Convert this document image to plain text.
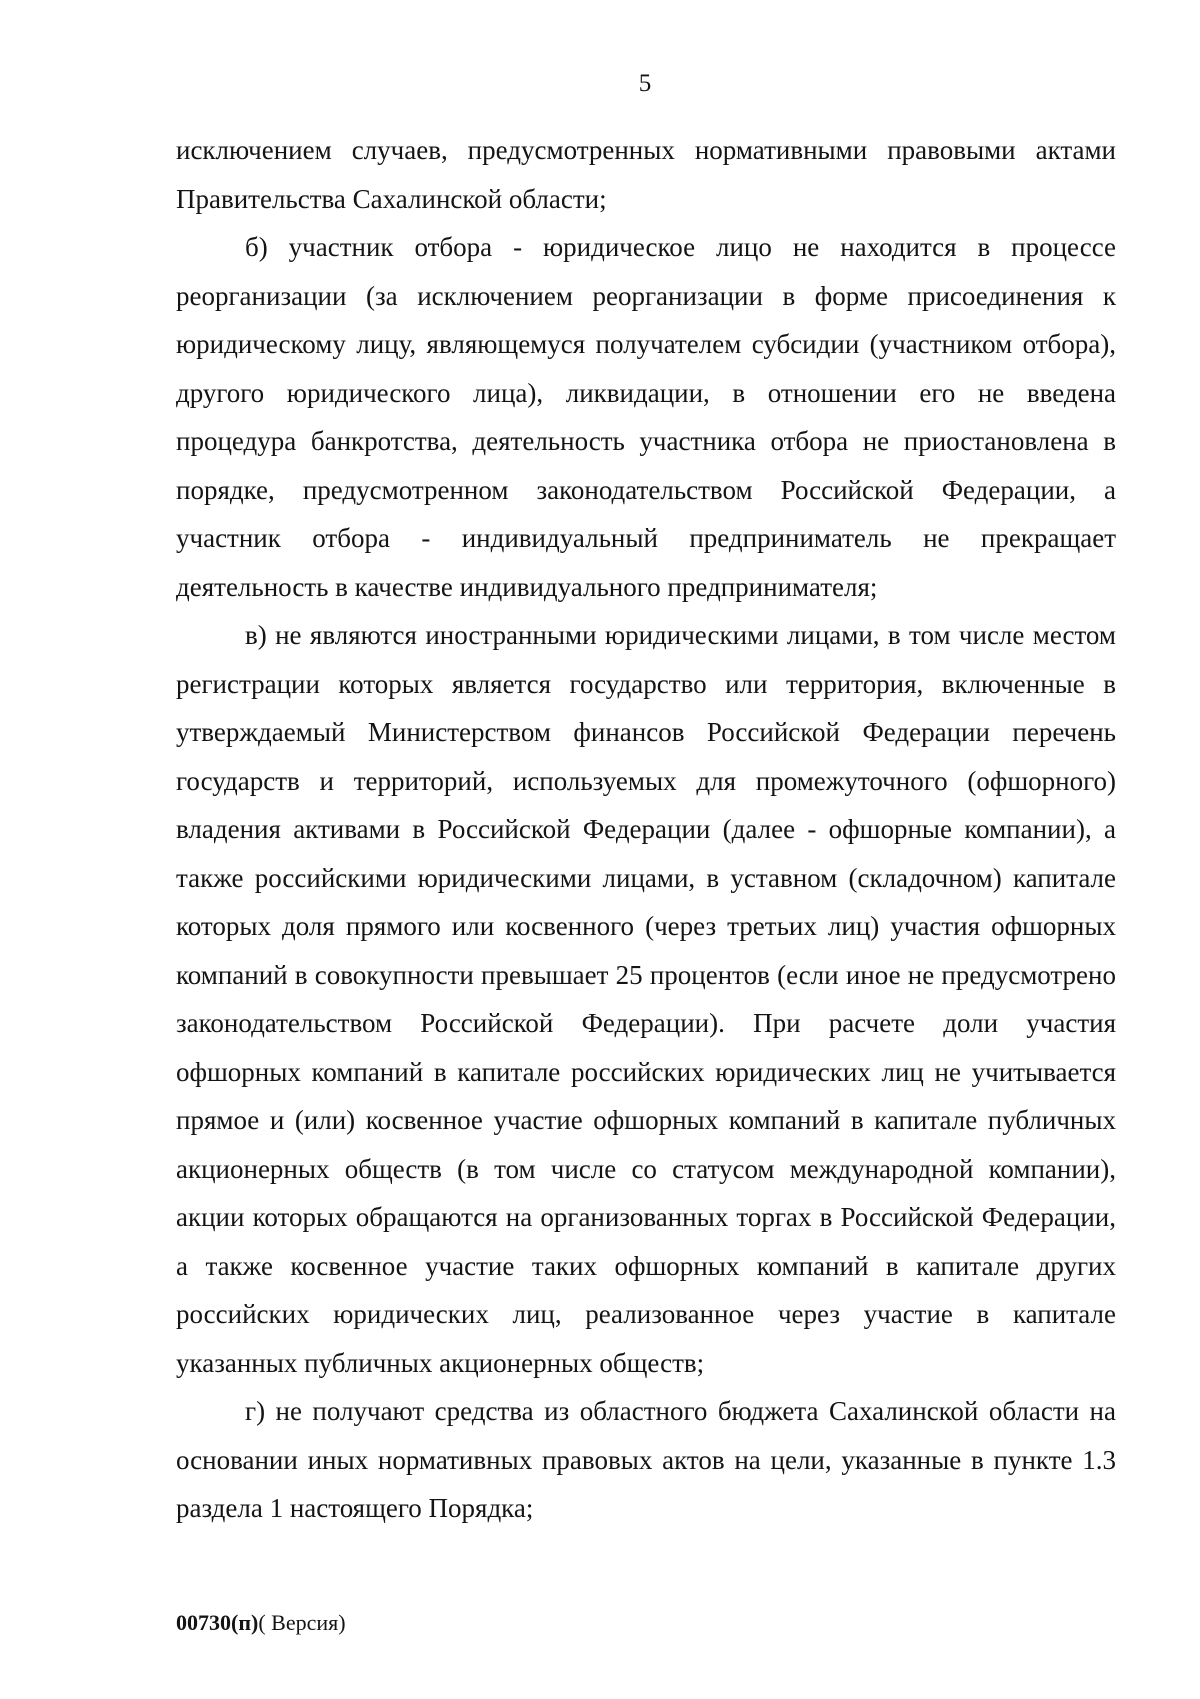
5

исключением случаев, предусмотренных нормативными правовыми актами Правительства Сахалинской области;

б) участник отбора - юридическое лицо не находится в процессе реорганизации (за исключением реорганизации в форме присоединения к юридическому лицу, являющемуся получателем субсидии (участником отбора), другого юридического лица), ликвидации, в отношении его не введена процедура банкротства, деятельность участника отбора не приостановлена в порядке, предусмотренном законодательством Российской Федерации, а участник отбора - индивидуальный предприниматель не прекращает деятельность в качестве индивидуального предпринимателя;

в) не являются иностранными юридическими лицами, в том числе местом регистрации которых является государство или территория, включенные в утверждаемый Министерством финансов Российской Федерации перечень государств и территорий, используемых для промежуточного (офшорного) владения активами в Российской Федерации (далее - офшорные компании), а также российскими юридическими лицами, в уставном (складочном) капитале которых доля прямого или косвенного (через третьих лиц) участия офшорных компаний в совокупности превышает 25 процентов (если иное не предусмотрено законодательством Российской Федерации). При расчете доли участия офшорных компаний в капитале российских юридических лиц не учитывается прямое и (или) косвенное участие офшорных компаний в капитале публичных акционерных обществ (в том числе со статусом международной компании), акции которых обращаются на организованных торгах в Российской Федерации, а также косвенное участие таких офшорных компаний в капитале других российских юридических лиц, реализованное через участие в капитале указанных публичных акционерных обществ;

г) не получают средства из областного бюджета Сахалинской области на основании иных нормативных правовых актов на цели, указанные в пункте 1.3 раздела 1 настоящего Порядка;

00730(п)( Версия)
